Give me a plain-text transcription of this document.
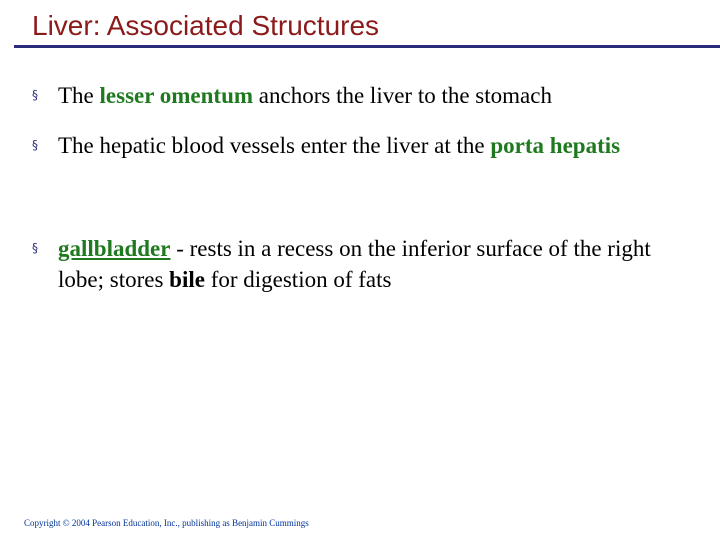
Liver: Associated Structures
§ The lesser omentum anchors the liver to the stomach
§ The hepatic blood vessels enter the liver at the porta hepatis
§ gallbladder - rests in a recess on the inferior surface of the right lobe; stores bile for digestion of fats
Copyright © 2004 Pearson Education, Inc., publishing as Benjamin Cummings
